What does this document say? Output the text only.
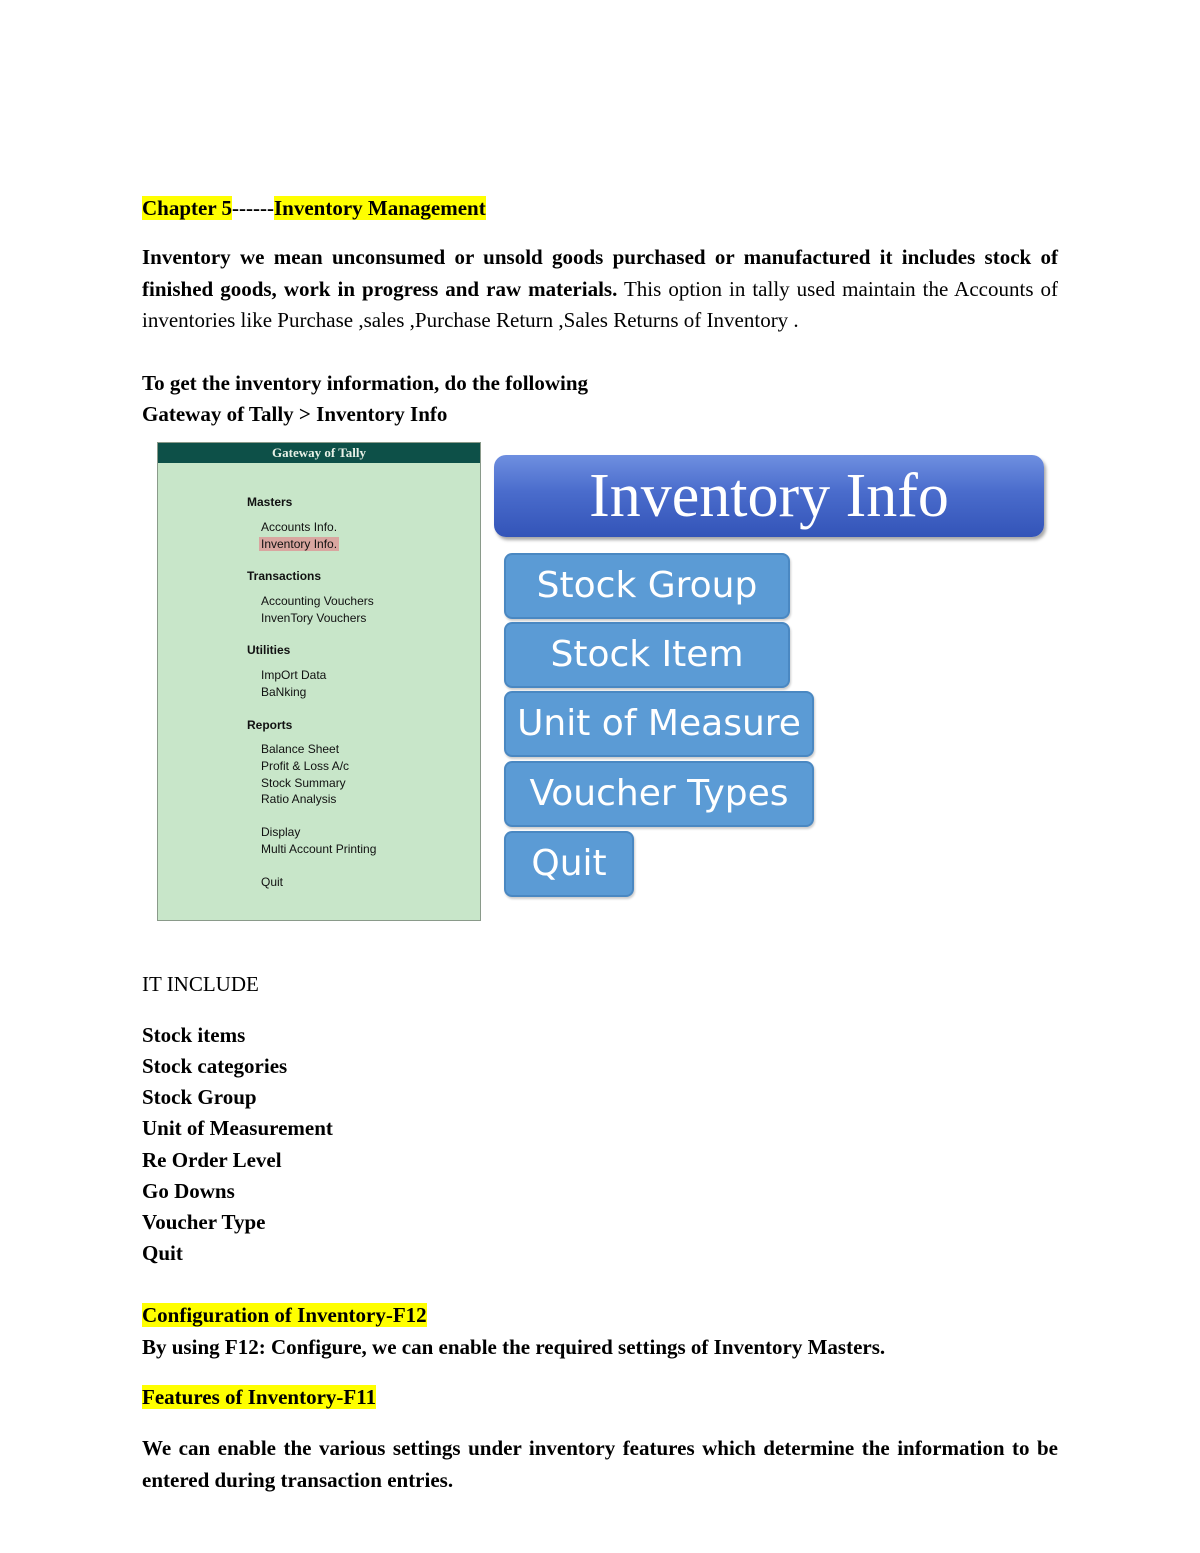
Chapter 5------Inventory Management
Inventory we mean unconsumed or unsold goods purchased or manufactured it includes stock of finished goods, work in progress and raw materials. This option in tally used maintain the Accounts of inventories like Purchase ,sales ,Purchase Return ,Sales Returns of Inventory .
To get the inventory information, do the following
Gateway of Tally > Inventory Info
Gateway of Tally
Masters
Accounts Info.
Inventory Info.
Transactions
Accounting Vouchers
InvenTory Vouchers
Utilities
ImpOrt Data
BaNking
Reports
Balance Sheet
Profit & Loss A/c
Stock Summary
Ratio Analysis
Display
Multi Account Printing
Quit
Inventory Info
Stock Group
Stock Item
Unit of Measure
Voucher Types
Quit
IT INCLUDE
Stock items
Stock categories
Stock Group
Unit of Measurement
Re Order Level
Go Downs
Voucher Type
Quit
Configuration of Inventory-F12
By using F12: Configure, we can enable the required settings of Inventory Masters.
Features of Inventory-F11
We can enable the various settings under inventory features which determine the information to be entered during transaction entries.
